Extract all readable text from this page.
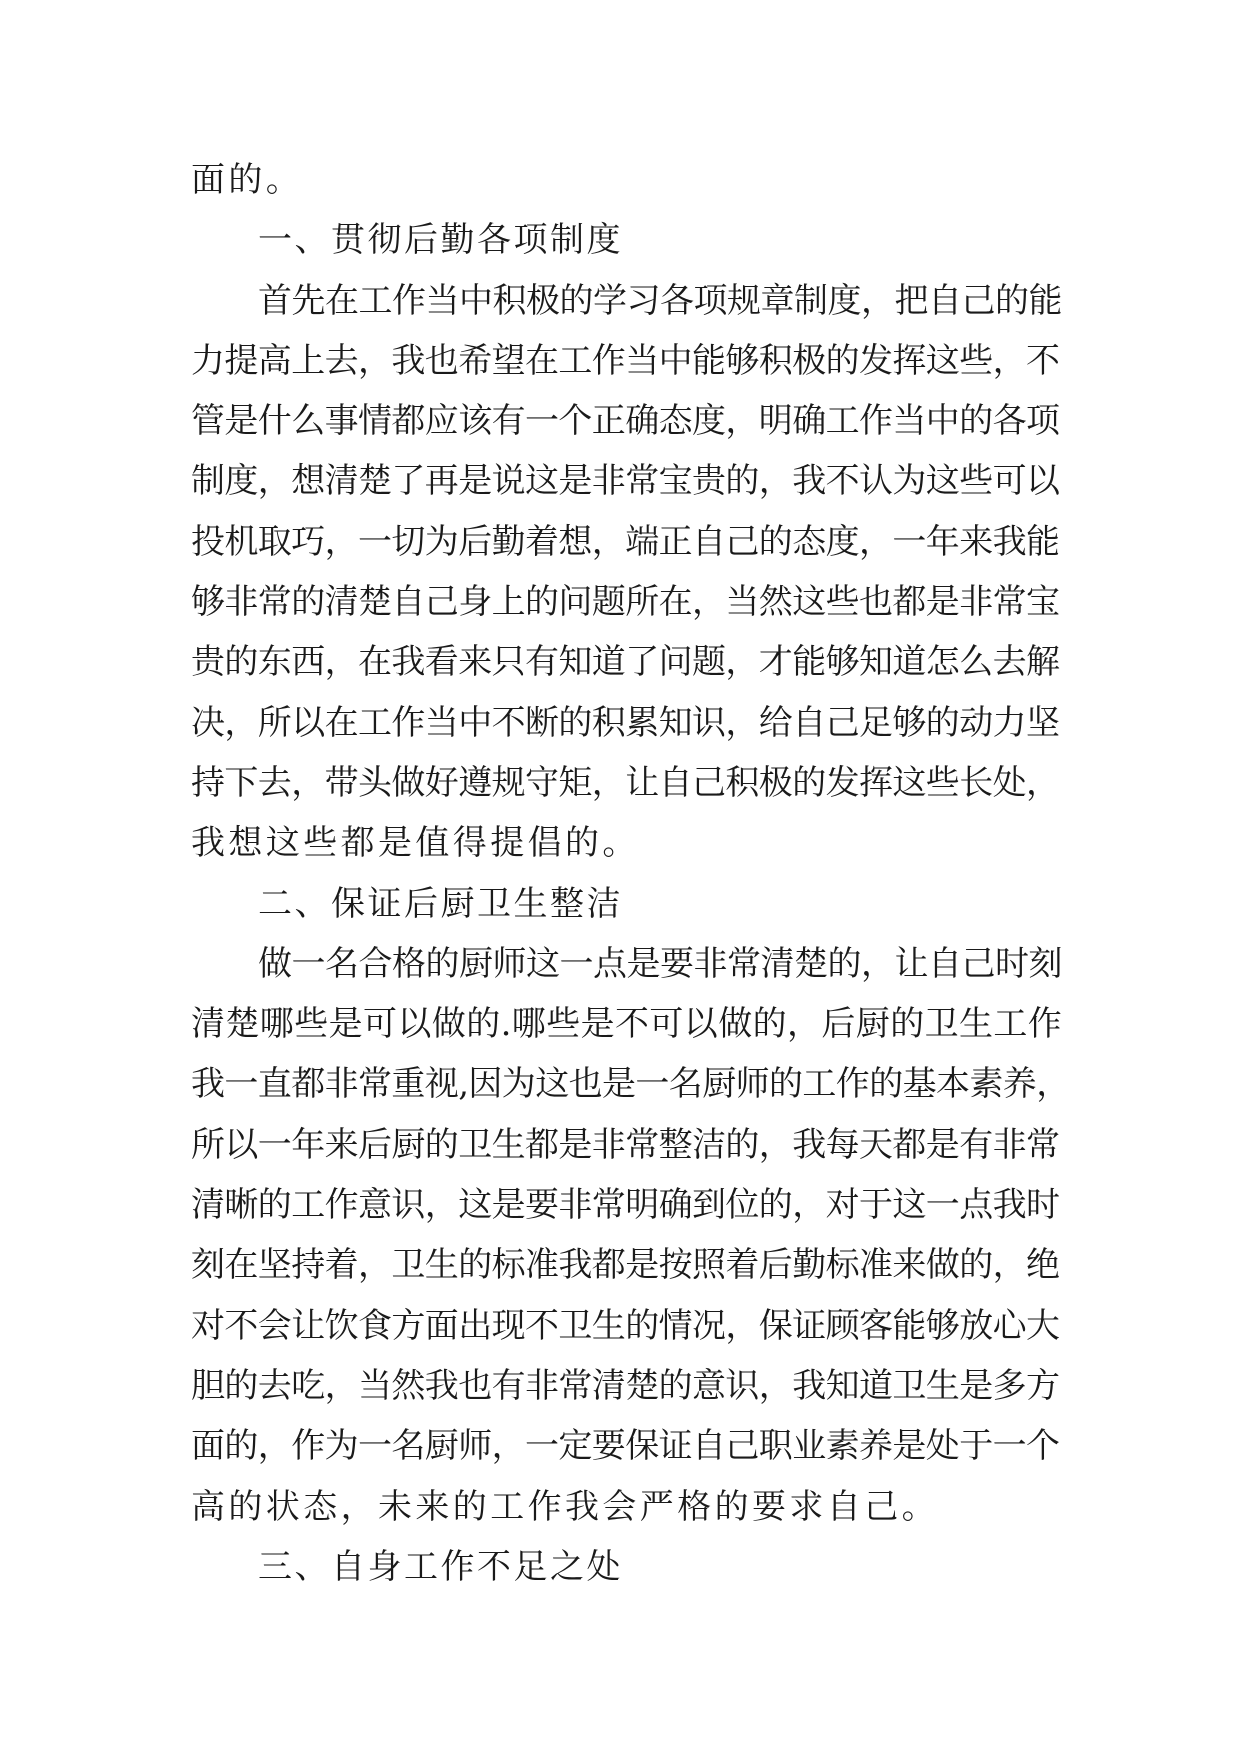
面的。
一、贯彻后勤各项制度
首先在工作当中积极的学习各项规章制度，把自己的能
力提高上去，我也希望在工作当中能够积极的发挥这些，不
管是什么事情都应该有一个正确态度，明确工作当中的各项
制度，想清楚了再是说这是非常宝贵的，我不认为这些可以
投机取巧，一切为后勤着想，端正自己的态度，一年来我能
够非常的清楚自己身上的问题所在，当然这些也都是非常宝
贵的东西，在我看来只有知道了问题，才能够知道怎么去解
决，所以在工作当中不断的积累知识，给自己足够的动力坚
持下去，带头做好遵规守矩，让自己积极的发挥这些长处，
我想这些都是值得提倡的。
二、保证后厨卫生整洁
做一名合格的厨师这一点是要非常清楚的，让自己时刻
清楚哪些是可以做的.哪些是不可以做的，后厨的卫生工作
我一直都非常重视,因为这也是一名厨师的工作的基本素养，
所以一年来后厨的卫生都是非常整洁的，我每天都是有非常
清晰的工作意识，这是要非常明确到位的，对于这一点我时
刻在坚持着，卫生的标准我都是按照着后勤标准来做的，绝
对不会让饮食方面出现不卫生的情况，保证顾客能够放心大
胆的去吃，当然我也有非常清楚的意识，我知道卫生是多方
面的，作为一名厨师，一定要保证自己职业素养是处于一个
高的状态，未来的工作我会严格的要求自己。
三、自身工作不足之处
